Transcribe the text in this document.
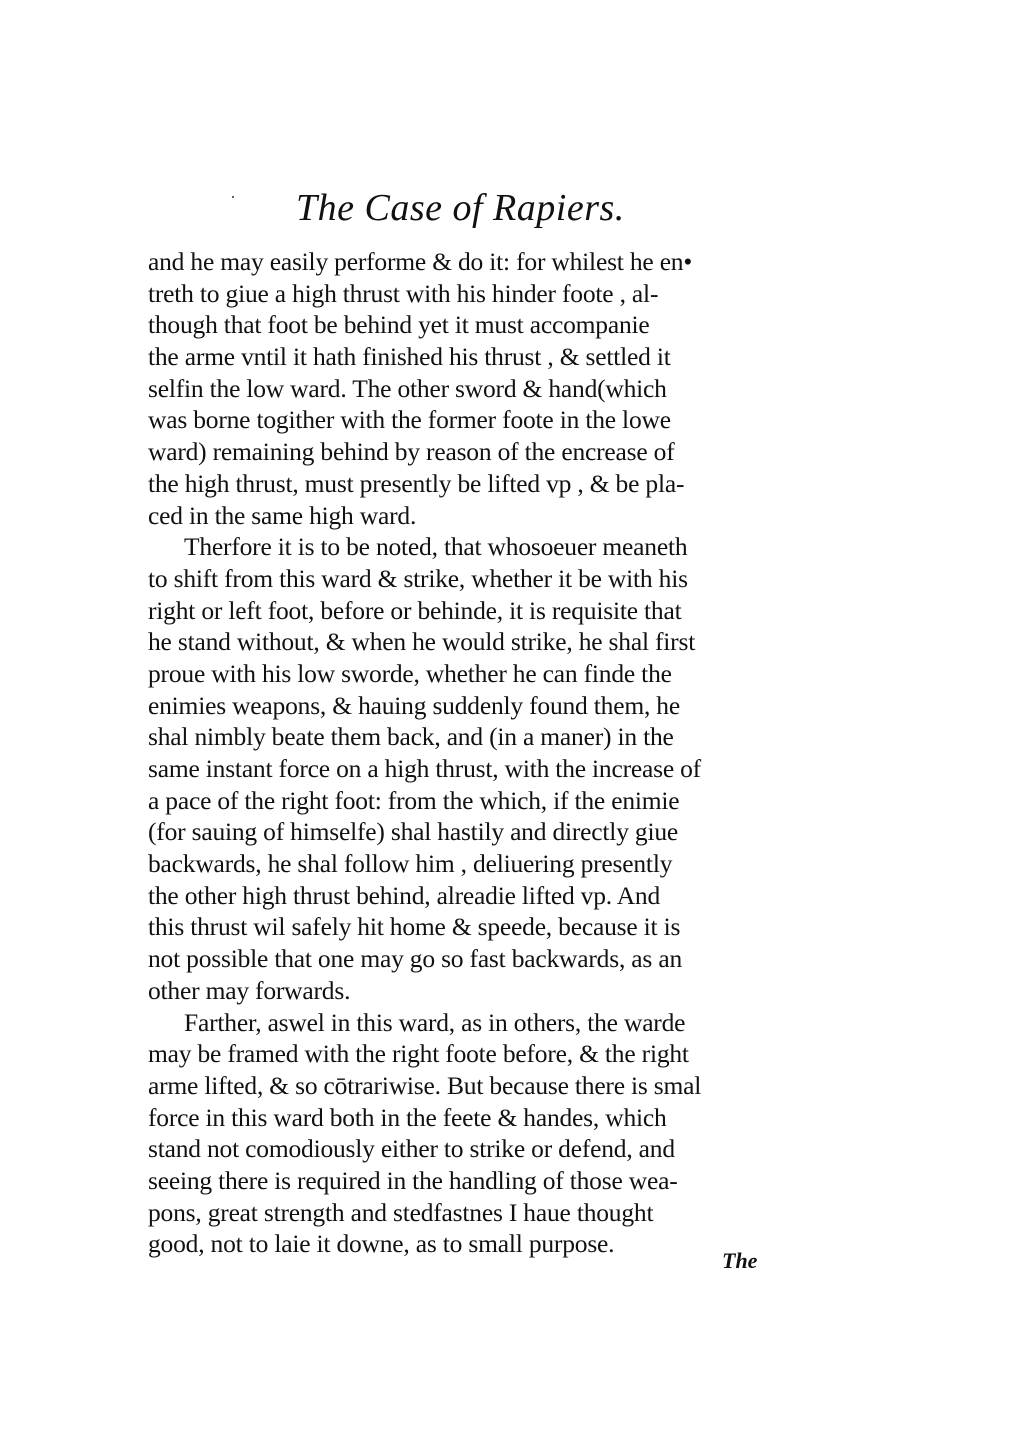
The Case of Rapiers.
and he may easily performe & do it: for whilest he en•
treth to giue a high thrust with his hinder foote , al-
though that foot be behind yet it must accompanie
the arme vntil it hath finished his thrust , & settled it
selfin the low ward. The other sword & hand(which
was borne togither with the former foote in the lowe
ward) remaining behind by reason of the encrease of
the high thrust, must presently be lifted vp , & be pla-
ced in the same high ward.
Therfore it is to be noted, that whosoeuer meaneth
to shift from this ward & strike, whether it be with his
right or left foot, before or behinde, it is requisite that
he stand without, & when he would strike, he shal first
proue with his low sworde, whether he can finde the
enimies weapons, & hauing suddenly found them, he
shal nimbly beate them back, and (in a maner) in the
same instant force on a high thrust, with the increase of
a pace of the right foot: from the which, if the enimie
(for sauing of himselfe) shal hastily and directly giue
backwards, he shal follow him , deliuering presently
the other high thrust behind, alreadie lifted vp. And
this thrust wil safely hit home & speede, because it is
not possible that one may go so fast backwards, as an
other may forwards.
Farther, aswel in this ward, as in others, the warde
may be framed with the right foote before, & the right
arme lifted, & so cōtrariwise. But because there is smal
force in this ward both in the feete & handes, which
stand not comodiously either to strike or defend, and
seeing there is required in the handling of those wea-
pons, great strength and stedfastnes I haue thought
good, not to laie it downe, as to small purpose.
The
